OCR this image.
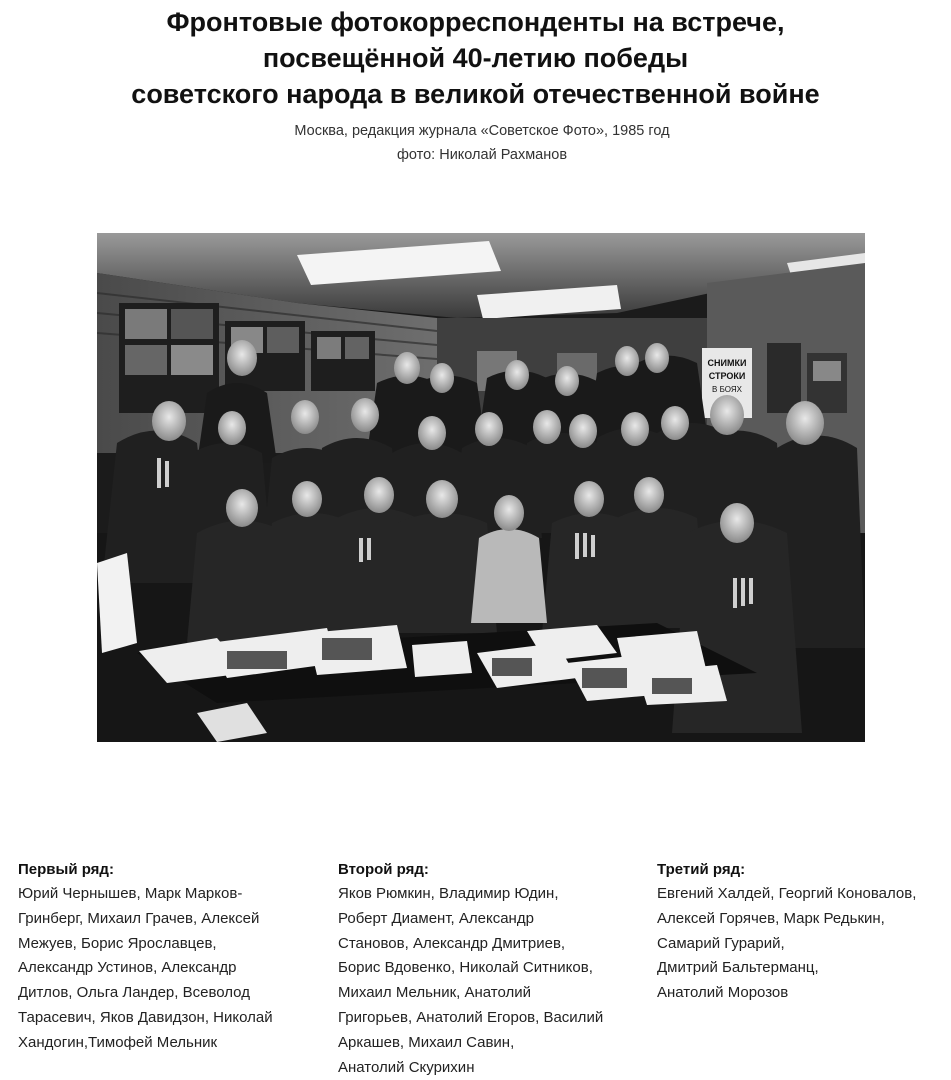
Фронтовые фотокорреспонденты на встрече,
посвещённой 40-летию победы
советского народа в великой отечественной войне
Москва, редакция журнала «Советское Фото», 1985 год
фото: Николай Рахманов
СНИМКИ
СТРОКИ
В БОЯХ
Первый ряд:

Юрий Чернышев, Марк Марков-

Гринберг, Михаил Грачев, Алексей

Межуев, Борис Ярославцев,

Александр Устинов, Александр

Дитлов, Ольга Ландер, Всеволод

Тарасевич, Яков Давидзон, Николай

Хандогин,Тимофей Мельник

Второй ряд:

Яков Рюмкин, Владимир Юдин,

Роберт Диамент, Александр

Становов, Александр Дмитриев,

Борис Вдовенко, Николай Ситников,

Михаил Мельник, Анатолий

Григорьев, Анатолий Егоров, Василий

Аркашев, Михаил Савин,

Анатолий Скурихин

Третий ряд:

Евгений Халдей, Георгий Коновалов,

Алексей Горячев, Марк Редькин,

Самарий Гурарий,

Дмитрий Бальтерманц,

Анатолий Морозов
